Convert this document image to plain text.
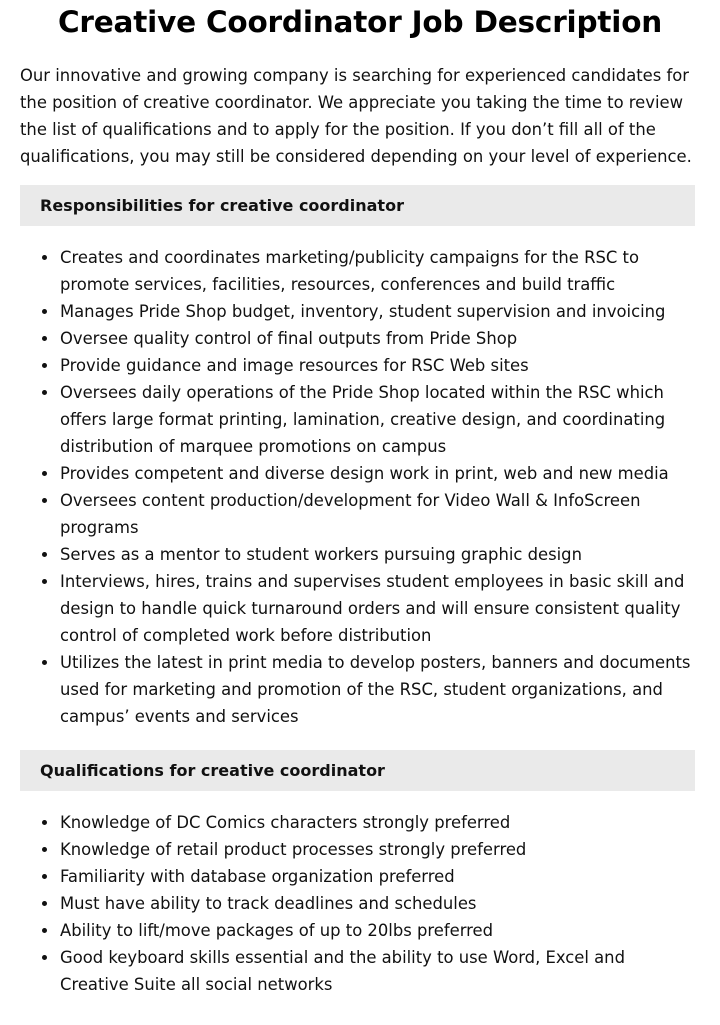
Creative Coordinator Job Description

Our innovative and growing company is searching for experienced candidates for the position of creative coordinator. We appreciate you taking the time to review the list of qualifications and to apply for the position. If you don’t fill all of the qualifications, you may still be considered depending on your level of experience.

Responsibilities for creative coordinator
Creates and coordinates marketing/publicity campaigns for the RSC to promote services, facilities, resources, conferences and build traffic
Manages Pride Shop budget, inventory, student supervision and invoicing
Oversee quality control of final outputs from Pride Shop
Provide guidance and image resources for RSC Web sites
Oversees daily operations of the Pride Shop located within the RSC which offers large format printing, lamination, creative design, and coordinating distribution of marquee promotions on campus
Provides competent and diverse design work in print, web and new media
Oversees content production/development for Video Wall & InfoScreen programs
Serves as a mentor to student workers pursuing graphic design
Interviews, hires, trains and supervises student employees in basic skill and design to handle quick turnaround orders and will ensure consistent quality control of completed work before distribution
Utilizes the latest in print media to develop posters, banners and documents used for marketing and promotion of the RSC, student organizations, and campus’ events and services
Qualifications for creative coordinator
Knowledge of DC Comics characters strongly preferred
Knowledge of retail product processes strongly preferred
Familiarity with database organization preferred
Must have ability to track deadlines and schedules
Ability to lift/move packages of up to 20lbs preferred
Good keyboard skills essential and the ability to use Word, Excel and Creative Suite all social networks
